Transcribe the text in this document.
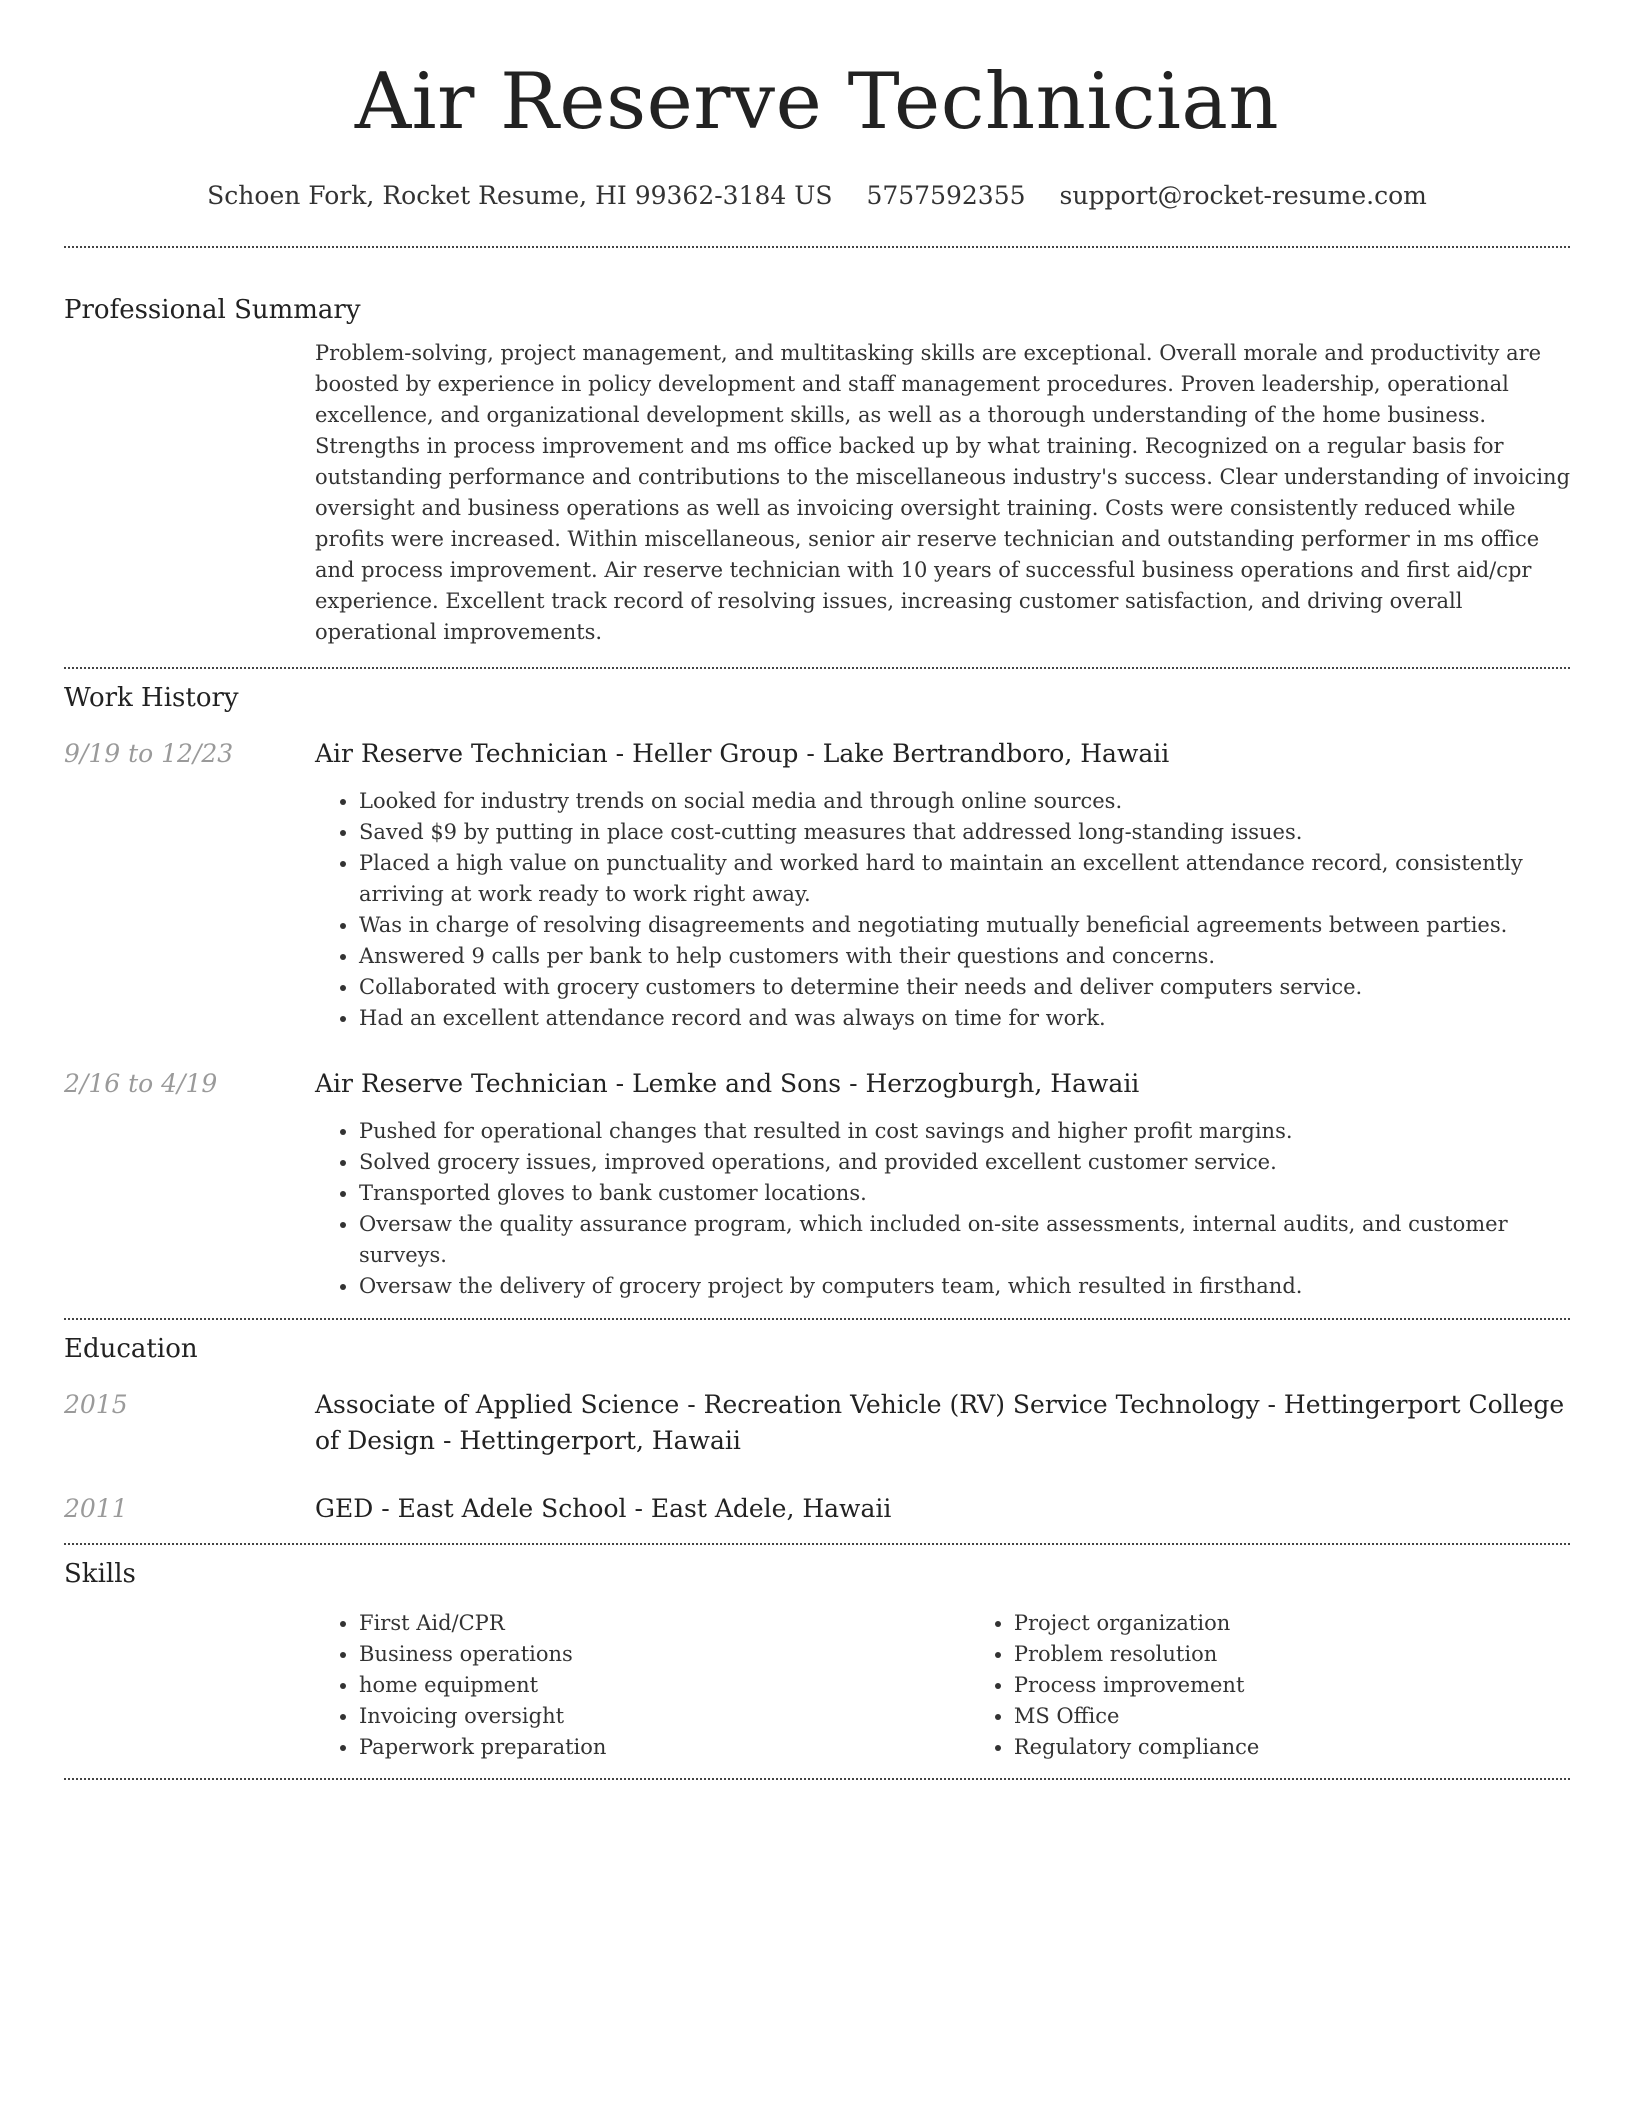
Air Reserve Technician
Schoen Fork, Rocket Resume, HI 99362-3184 US 5757592355 support@rocket-resume.com
Professional Summary

Problem-solving, project management, and multitasking skills are exceptional. Overall morale and productivity are boosted by experience in policy development and staff management procedures. Proven leadership, operational excellence, and organizational development skills, as well as a thorough understanding of the home business. Strengths in process improvement and ms office backed up by what training. Recognized on a regular basis for outstanding performance and contributions to the miscellaneous industry's success. Clear understanding of invoicing oversight and business operations as well as invoicing oversight training. Costs were consistently reduced while profits were increased. Within miscellaneous, senior air reserve technician and outstanding performer in ms office and process improvement. Air reserve technician with 10 years of successful business operations and first aid/cpr experience. Excellent track record of resolving issues, increasing customer satisfaction, and driving overall operational improvements.

Work History
9/19 to 12/23	Air Reserve Technician - Heller Group - Lake Bertrandboro, Hawaii
• Looked for industry trends on social media and through online sources.
• Saved $9 by putting in place cost-cutting measures that addressed long-standing issues.
• Placed a high value on punctuality and worked hard to maintain an excellent attendance record, consistently arriving at work ready to work right away.
• Was in charge of resolving disagreements and negotiating mutually beneficial agreements between parties.
• Answered 9 calls per bank to help customers with their questions and concerns.
• Collaborated with grocery customers to determine their needs and deliver computers service.
• Had an excellent attendance record and was always on time for work.
2/16 to 4/19	Air Reserve Technician - Lemke and Sons - Herzogburgh, Hawaii
• Pushed for operational changes that resulted in cost savings and higher profit margins.
• Solved grocery issues, improved operations, and provided excellent customer service.
• Transported gloves to bank customer locations.
• Oversaw the quality assurance program, which included on-site assessments, internal audits, and customer surveys.
• Oversaw the delivery of grocery project by computers team, which resulted in firsthand.
Education
2015	Associate of Applied Science - Recreation Vehicle (RV) Service Technology - Hettingerport College of Design - Hettingerport, Hawaii
2011	GED - East Adele School - East Adele, Hawaii
Skills
• First Aid/CPR
• Business operations
• home equipment
• Invoicing oversight
• Paperwork preparation
• Project organization
• Problem resolution
• Process improvement
• MS Office
• Regulatory compliance
